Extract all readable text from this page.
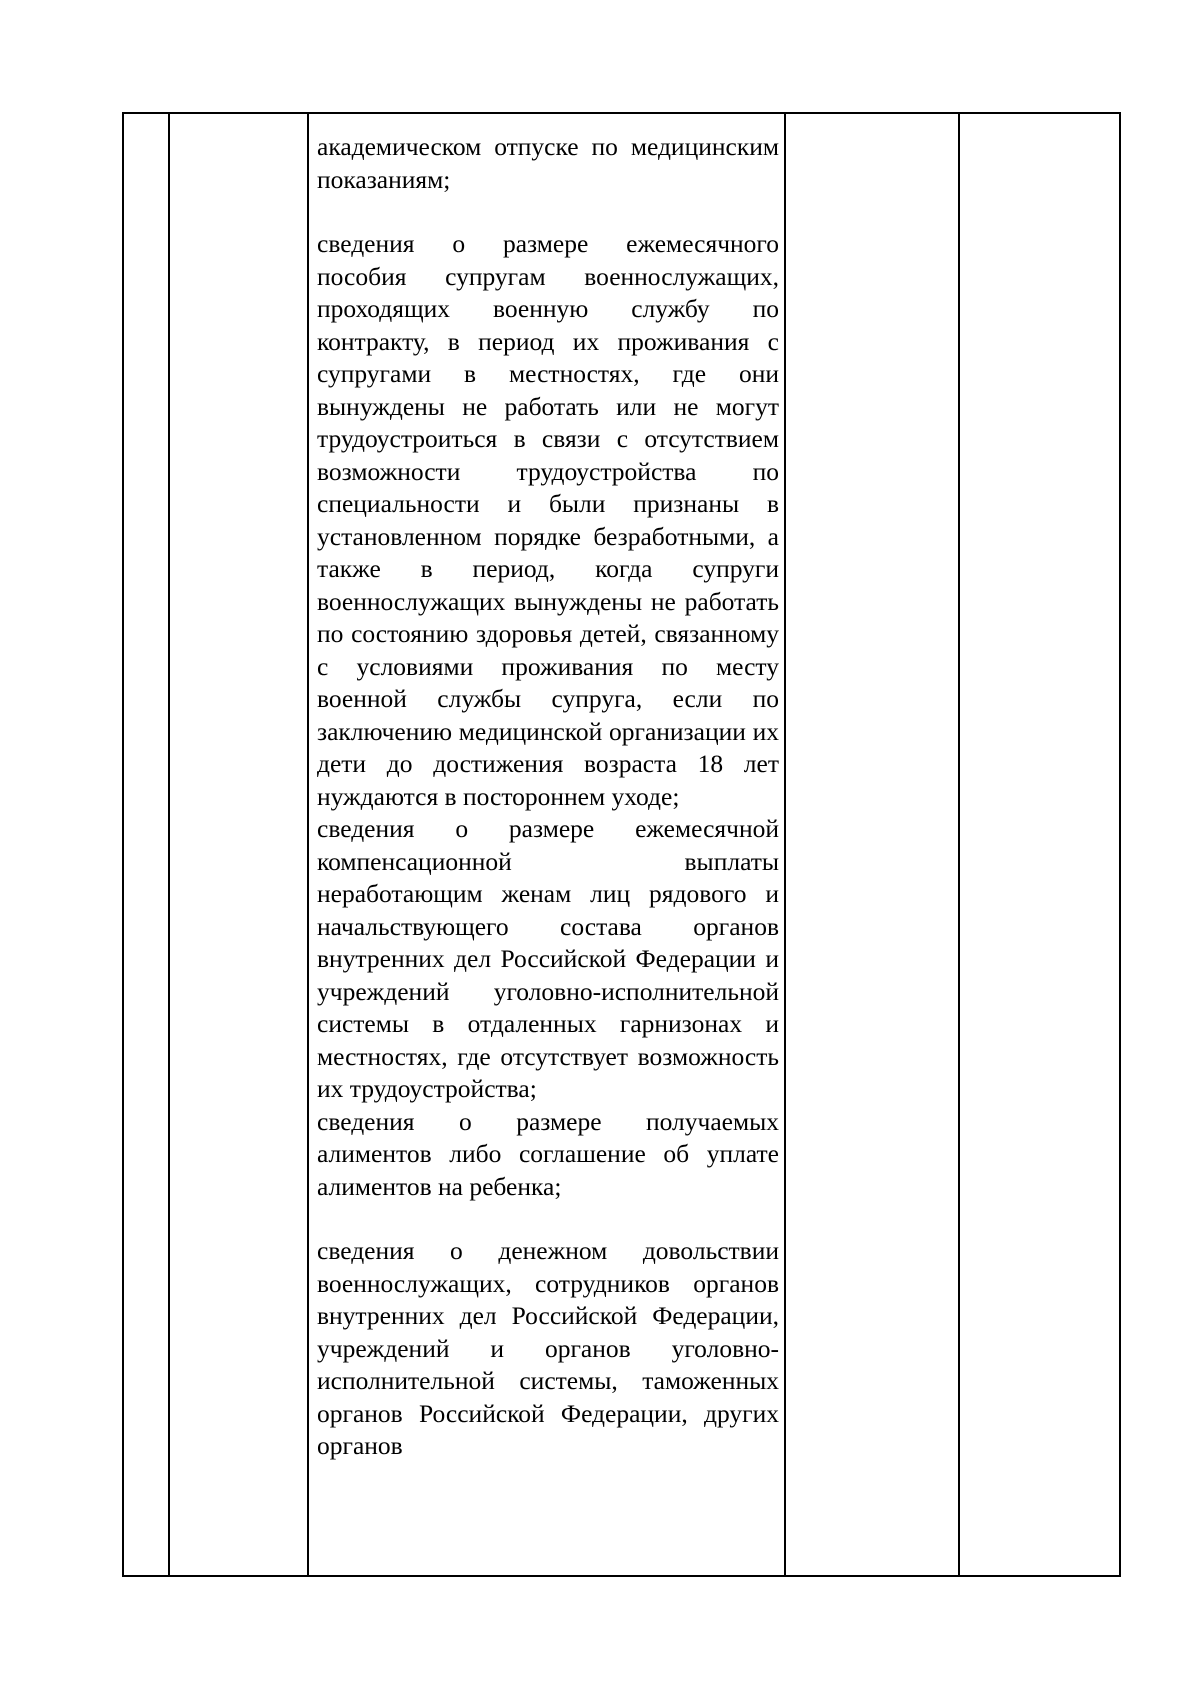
академическом отпуске по медицинским показаниям;

сведения о размере ежемесячного пособия супругам военнослужащих, проходящих военную службу по контракту, в период их проживания с супругами в местностях, где они вынуждены не работать или не могут трудоустроиться в связи с отсутствием возможности трудоустройства по специальности и были признаны в установленном порядке безработными, а также в период, когда супруги военнослужащих вынуждены не работать по состоянию здоровья детей, связанному с условиями проживания по месту военной службы супруга, если по заключению медицинской организации их дети до достижения возраста 18 лет нуждаются в постороннем уходе;

сведения о размере ежемесячной компенсационной выплаты неработающим женам лиц рядового и начальствующего состава органов внутренних дел Российской Федерации и учреждений уголовно-исполнительной системы в отдаленных гарнизонах и местностях, где отсутствует возможность их трудоустройства;

сведения о размере получаемых алиментов либо соглашение об уплате алиментов на ребенка;

сведения о денежном довольствии военнослужащих, сотрудников органов внутренних дел Российской Федерации, учреждений и органов уголовно-исполнительной системы, таможенных органов Российской Федерации, других органов
